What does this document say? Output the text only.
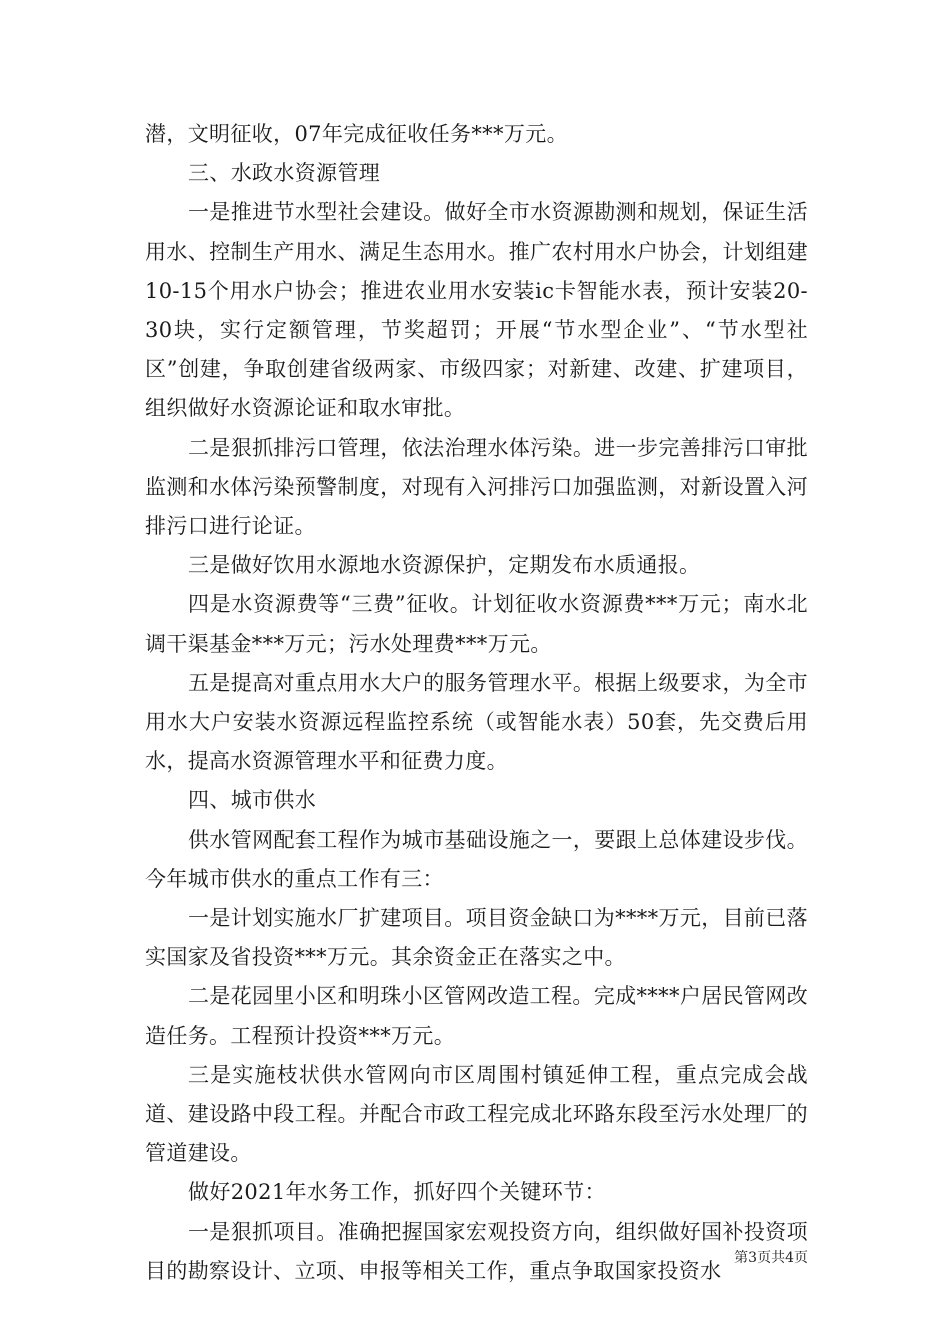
潜，文明征收，07年完成征收任务***万元。

三、水政水资源管理

一是推进节水型社会建设。做好全市水资源勘测和规划，保证生活用水、控制生产用水、满足生态用水。推广农村用水户协会，计划组建10-15个用水户协会；推进农业用水安装ic卡智能水表，预计安装20-30块，实行定额管理，节奖超罚；开展“节水型企业”、“节水型社区”创建，争取创建省级两家、市级四家；对新建、改建、扩建项目，组织做好水资源论证和取水审批。

二是狠抓排污口管理，依法治理水体污染。进一步完善排污口审批监测和水体污染预警制度，对现有入河排污口加强监测，对新设置入河排污口进行论证。

三是做好饮用水源地水资源保护，定期发布水质通报。

四是水资源费等“三费”征收。计划征收水资源费***万元；南水北调干渠基金***万元；污水处理费***万元。

五是提高对重点用水大户的服务管理水平。根据上级要求，为全市用水大户安装水资源远程监控系统（或智能水表）50套，先交费后用水，提高水资源管理水平和征费力度。

四、城市供水

供水管网配套工程作为城市基础设施之一，要跟上总体建设步伐。今年城市供水的重点工作有三：

一是计划实施水厂扩建项目。项目资金缺口为****万元，目前已落实国家及省投资***万元。其余资金正在落实之中。

二是花园里小区和明珠小区管网改造工程。完成****户居民管网改造任务。工程预计投资***万元。

三是实施枝状供水管网向市区周围村镇延伸工程，重点完成会战道、建设路中段工程。并配合市政工程完成北环路东段至污水处理厂的管道建设。

做好2021年水务工作，抓好四个关键环节：

一是狠抓项目。准确把握国家宏观投资方向，组织做好国补投资项目的勘察设计、立项、申报等相关工作，重点争取国家投资水

第3页共4页
